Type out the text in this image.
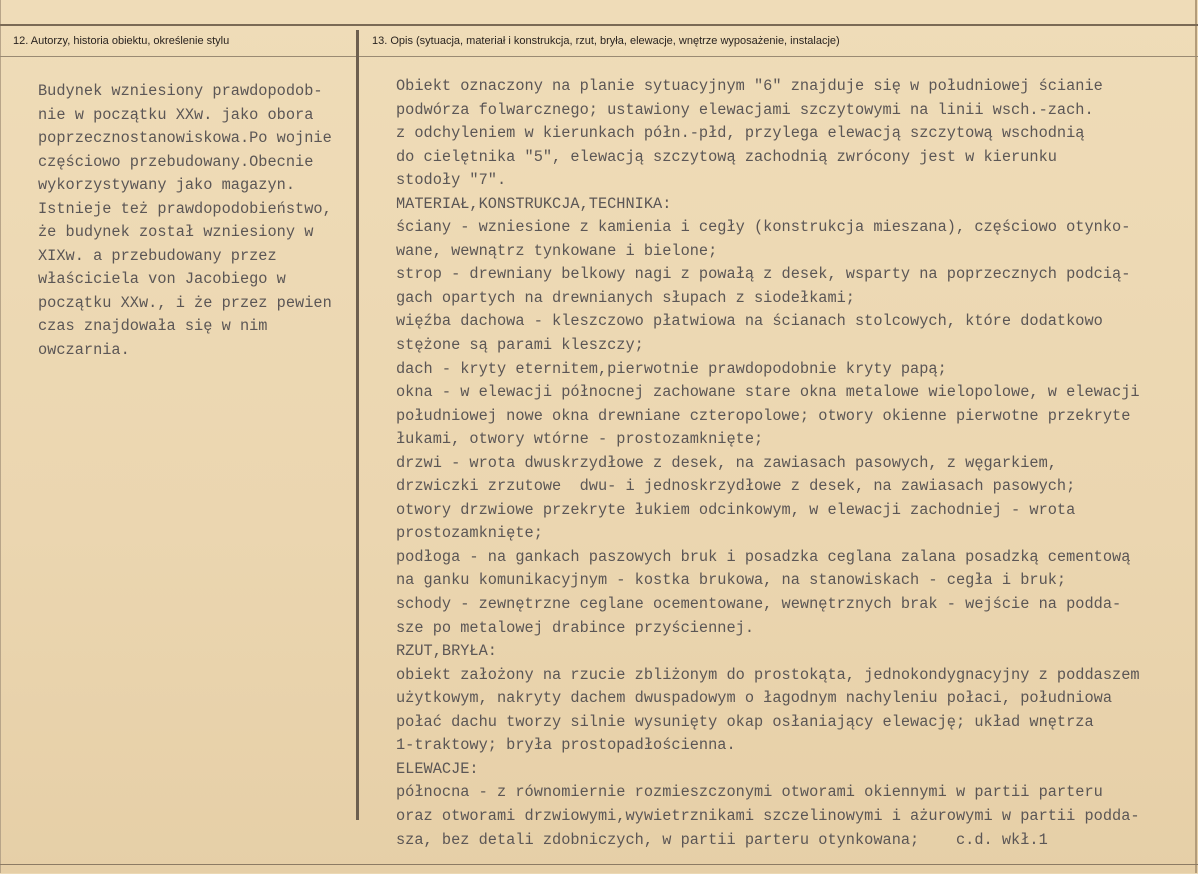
12. Autorzy, historia obiektu, określenie stylu	13. Opis (sytuacja, materiał i konstrukcja, rzut, bryła, elewacje, wnętrze wyposażenie, instalacje)
Budynek wzniesiony prawdopodob-
nie w początku XXw. jako obora
poprzecznostanowiskowa.Po wojnie
częściowo przebudowany.Obecnie
wykorzystywany jako magazyn.
Istnieje też prawdopodobieństwo,
że budynek został wzniesiony w
XIXw. a przebudowany przez
właściciela von Jacobiego w
początku XXw., i że przez pewien
czas znajdowała się w nim
owczarnia.
Obiekt oznaczony na planie sytuacyjnym "6" znajduje się w południowej ścianie
podwórza folwarcznego; ustawiony elewacjami szczytowymi na linii wsch.-zach.
z odchyleniem w kierunkach półn.-płd, przylega elewacją szczytową wschodnią
do cielętnika "5", elewacją szczytową zachodnią zwrócony jest w kierunku
stodoły "7".
MATERIAŁ,KONSTRUKCJA,TECHNIKA:
ściany - wzniesione z kamienia i cegły (konstrukcja mieszana), częściowo otynko-
wane, wewnątrz tynkowane i bielone;
strop - drewniany belkowy nagi z powałą z desek, wsparty na poprzecznych podcią-
gach opartych na drewnianych słupach z siodełkami;
więźba dachowa - kleszczowo płatwiowa na ścianach stolcowych, które dodatkowo
stężone są parami kleszczy;
dach - kryty eternitem,pierwotnie prawdopodobnie kryty papą;
okna - w elewacji północnej zachowane stare okna metalowe wielopolowe, w elewacji
południowej nowe okna drewniane czteropolowe; otwory okienne pierwotne przekryte
łukami, otwory wtórne - prostozamknięte;
drzwi - wrota dwuskrzydłowe z desek, na zawiasach pasowych, z węgarkiem,
drzwiczki zrzutowe  dwu- i jednoskrzydłowe z desek, na zawiasach pasowych;
otwory drzwiowe przekryte łukiem odcinkowym, w elewacji zachodniej - wrota
prostozamknięte;
podłoga - na gankach paszowych bruk i posadzka ceglana zalana posadzką cementową
na ganku komunikacyjnym - kostka brukowa, na stanowiskach - cegła i bruk;
schody - zewnętrzne ceglane ocementowane, wewnętrznych brak - wejście na podda-
sze po metalowej drabince przyściennej.
RZUT,BRYŁA:
obiekt założony na rzucie zbliżonym do prostokąta, jednokondygnacyjny z poddaszem
użytkowym, nakryty dachem dwuspadowym o łagodnym nachyleniu połaci, południowa
połać dachu tworzy silnie wysunięty okap osłaniający elewację; układ wnętrza
1-traktowy; bryła prostopadłościenna.
ELEWACJE:
północna - z równomiernie rozmieszczonymi otworami okiennymi w partii parteru
oraz otworami drzwiowymi,wywietrznikami szczelinowymi i ażurowymi w partii podda-
sza, bez detali zdobniczych, w partii parteru otynkowana;    c.d. wkł.1
